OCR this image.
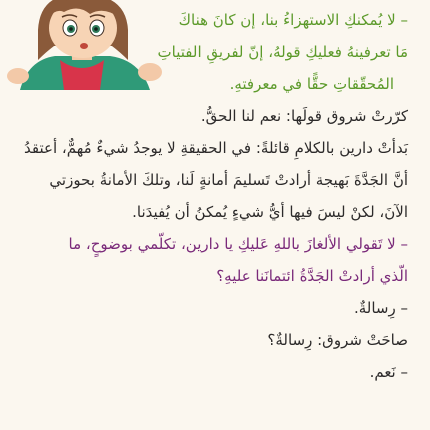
– لا يُمكنكِ الاستهزاءُ بنا، إن كانَ هناكَ
مَا تعرفينهُ فعليكِ قولهُ، إنّ لفريقِ الفتياتِ
المُحقّقاتِ حقًّا في معرفتهِ.
كرّرتْ شروق قولَها: نعم لنا الحقُّ.
بَدأتْ دارين بالكلامِ قائلةً: في الحقيقةِ لا يوجدُ شيءٌ مُهمٌّ، أعتقدُ
أنَّ الجَدَّةَ بَهيجة أرادتْ تَسليمَ أمانةٍ لَنا، وتلكَ الأمانةُ بحوزتي
الآنَ، لكنْ ليسَ فيها أيُّ شيءٍ يُمكنُ أن يُفيدَنا.
– لا تَقولي الألغازَ باللهِ عَليكِ يا دارين، تكلّمي بوضوحٍ، ما
الّذي أرادتْ الجَدَّةُ ائتمانَنا عليهِ؟
– رِسالةٌ.
صاحَتْ شروق: رِسالةٌ؟
– نَعم.
